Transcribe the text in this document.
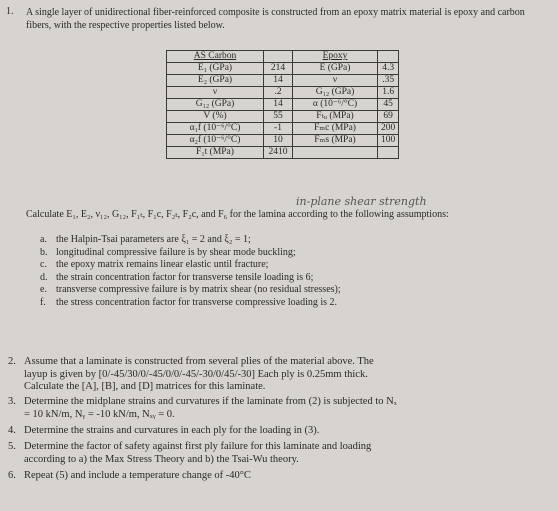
1. A single layer of unidirectional fiber-reinforced composite is constructed from an epoxy matrix material is epoxy and carbon fibers, with the respective properties listed below.
AS Carbon		Epoxy	
E₁ (GPa)	214	E (GPa)	4.3
E₂ (GPa)	14	ν	.35
ν	.2	G₁₂ (GPa)	1.6
G₁₂ (GPa)	14	α (10⁻⁶/°C)	45
V (%)	55	Fₜᵤ (MPa)	69
α₁f (10⁻⁶/°C)	-1	Fₘc (MPa)	200
α₂f (10⁻⁶/°C)	10	Fₘs (MPa)	100
F₁t (MPa)	2410		
in-plane shear strength
Calculate E₁, E₂, ν₁₂, G₁₂, F₁ₜ, F₁c, F₂ₜ, F₂c, and F₆ for the lamina according to the following assumptions:
a. the Halpin-Tsai parameters are ξ₁ = 2 and ξ₂ = 1;
b. longitudinal compressive failure is by shear mode buckling;
c. the epoxy matrix remains linear elastic until fracture;
d. the strain concentration factor for transverse tensile loading is 6;
e. transverse compressive failure is by matrix shear (no residual stresses);
f. the stress concentration factor for transverse compressive loading is 2.
2. Assume that a laminate is constructed from several plies of the material above. The
layup is given by [0/-45/30/0/-45/0/0/-45/-30/0/45/-30] Each ply is 0.25mm thick.
Calculate the [A], [B], and [D] matrices for this laminate.
3. Determine the midplane strains and curvatures if the laminate from (2) is subjected to Nₓ
= 10 kN/m, Nᵧ = -10 kN/m, Nₓᵧ = 0.
4. Determine the strains and curvatures in each ply for the loading in (3).
5. Determine the factor of safety against first ply failure for this laminate and loading
according to a) the Max Stress Theory and b) the Tsai-Wu theory.
6. Repeat (5) and include a temperature change of -40°C
